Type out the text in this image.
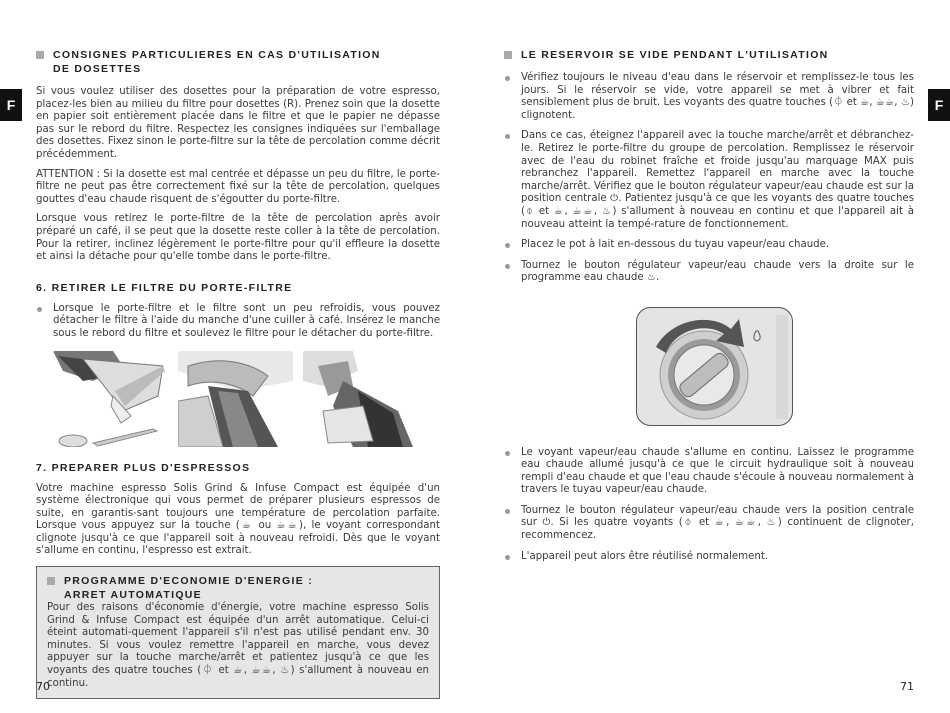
F
CONSIGNES PARTICULIERES EN CAS D'UTILISATION
DE DOSETTES

Si vous voulez utiliser des dosettes pour la préparation de votre espresso, placez-les bien au milieu du filtre pour dosettes (R). Prenez soin que la dosette en papier soit entièrement placée dans le filtre et que le papier ne dépasse pas sur le rebord du filtre. Respectez les consignes indiquées sur l'emballage des dosettes. Fixez sinon le porte-filtre sur la tête de percolation comme décrit précédemment.

ATTENTION : Si la dosette est mal centrée et dépasse un peu du filtre, le porte-filtre ne peut pas être correctement fixé sur la tête de percolation, quelques gouttes d'eau chaude risquent de s'égoutter du porte-filtre.

Lorsque vous retirez le porte-filtre de la tête de percolation après avoir préparé un café, il se peut que la dosette reste coller à la tête de percolation. Pour la retirer, inclinez légèrement le porte-filtre pour qu'il effleure la dosette et ainsi la détache pour qu'elle tombe dans le porte-filtre.

6. RETIRER LE FILTRE DU PORTE-FILTRE
Lorsque le porte-filtre et le filtre sont un peu refroidis, vous pouvez détacher le filtre à l'aide du manche d'une cuiller à café. Insérez le manche sous le rebord du filtre et soulevez le filtre pour le détacher du porte-filtre.
7. PREPARER PLUS D'ESPRESSOS

Votre machine espresso Solis Grind & Infuse Compact est équipée d'un système électronique qui vous permet de préparer plusieurs espressos de suite, en garantis-sant toujours une température de percolation parfaite. Lorsque vous appuyez sur la touche (☕ ou ☕☕), le voyant correspondant clignote jusqu'à ce que l'appareil soit à nouveau refroidi. Dès que le voyant s'allume en continu, l'espresso est extrait.

PROGRAMME D'ECONOMIE D'ENERGIE :
ARRET AUTOMATIQUE

Pour des raisons d'économie d'énergie, votre machine espresso Solis Grind & Infuse Compact est équipée d'un arrêt automatique. Celui-ci éteint automati-quement l'appareil s'il n'est pas utilisé pendant env. 30 minutes. Si vous voulez remettre l'appareil en marche, vous devez appuyer sur la touche marche/arrêt et patientez jusqu'à ce que les voyants des quatre touches (⏀ et ☕, ☕☕, ♨) s'allument à nouveau en continu.

70
F
LE RESERVOIR SE VIDE PENDANT L'UTILISATION
Vérifiez toujours le niveau d'eau dans le réservoir et remplissez-le tous les jours. Si le réservoir se vide, votre appareil se met à vibrer et fait sensiblement plus de bruit. Les voyants des quatre touches (⏀ et ☕, ☕☕, ♨) clignotent.
Dans ce cas, éteignez l'appareil avec la touche marche/arrêt et débranchez-le. Retirez le porte-filtre du groupe de percolation. Remplissez le réservoir avec de l'eau du robinet fraîche et froide jusqu'au marquage MAX puis rebranchez l'appareil. Remettez l'appareil en marche avec la touche marche/arrêt. Vérifiez que le bouton régulateur vapeur/eau chaude est sur la position centrale ⏻. Patientez jusqu'à ce que les voyants des quatre touches (⏀ et ☕, ☕☕, ♨) s'allument à nouveau en continu et que l'appareil ait à nouveau atteint la tempé-rature de fonctionnement.
Placez le pot à lait en-dessous du tuyau vapeur/eau chaude.
Tournez le bouton régulateur vapeur/eau chaude vers la droite sur le programme eau chaude ♨.
Le voyant vapeur/eau chaude s'allume en continu. Laissez le programme eau chaude allumé jusqu'à ce que le circuit hydraulique soit à nouveau rempli d'eau chaude et que l'eau chaude s'écoule à nouveau normalement à travers le tuyau vapeur/eau chaude.
Tournez le bouton régulateur vapeur/eau chaude vers la position centrale sur ⏻. Si les quatre voyants (⏀ et ☕, ☕☕, ♨) continuent de clignoter, recommencez.
L'appareil peut alors être réutilisé normalement.
71
